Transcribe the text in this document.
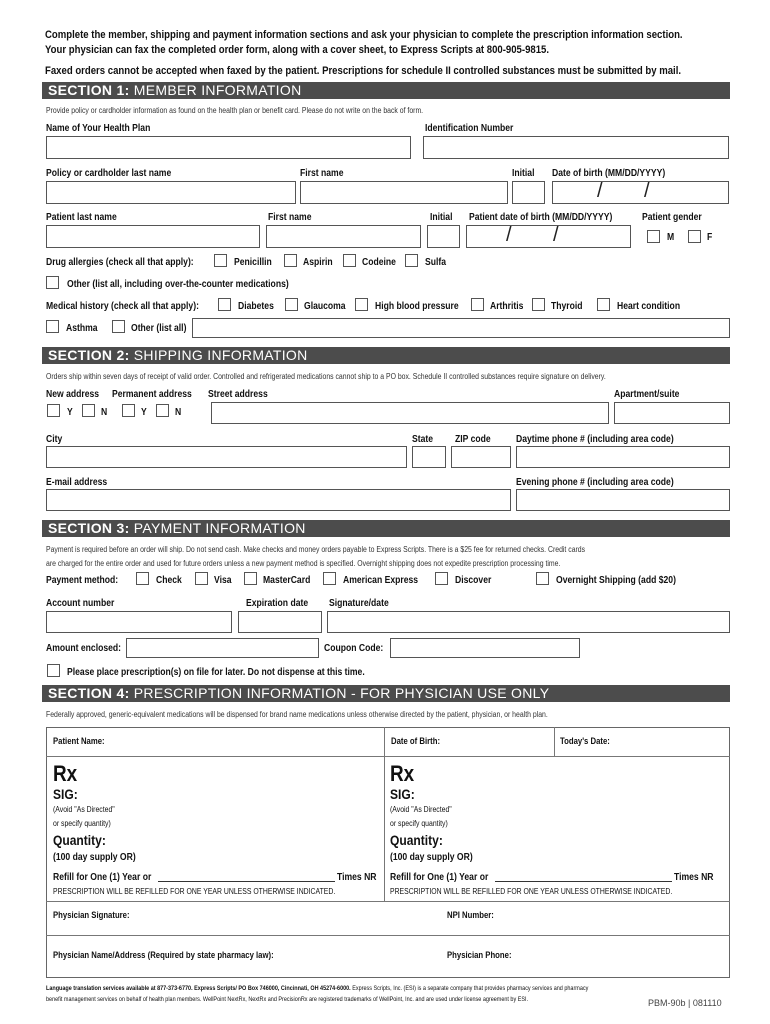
Complete the member, shipping and payment information sections and ask your physician to complete the prescription information section.
Your physician can fax the completed order form, along with a cover sheet, to Express Scripts at 800-905-9815.
Faxed orders cannot be accepted when faxed by the patient. Prescriptions for schedule II controlled substances must be submitted by mail.
SECTION 1: MEMBER INFORMATION
Provide policy or cardholder information as found on the health plan or benefit card. Please do not write on the back of form.
Name of Your Health Plan	Identification Number
Policy or cardholder last name	First name	Initial Date of birth (MM/DD/YYYY)
/ /
Patient last name	First name	Initial Patient date of birth (MM/DD/YYYY)	Patient gender
/ /	M	F
Drug allergies (check all that apply):	Penicillin	Aspirin	Codeine	Sulfa
Other (list all, including over-the-counter medications)
Medical history (check all that apply):	Diabetes	Glaucoma	High blood pressure	Arthritis	Thyroid	Heart condition
Asthma	Other (list all)
SECTION 2: SHIPPING INFORMATION
Orders ship within seven days of receipt of valid order. Controlled and refrigerated medications cannot ship to a PO box. Schedule II controlled substances require signature on delivery.
New address Permanent address Street address	Apartment/suite
Y	N	Y	N
City	State ZIP code	Daytime phone # (including area code)
E-mail address	Evening phone # (including area code)
SECTION 3: PAYMENT INFORMATION
Payment is required before an order will ship. Do not send cash. Make checks and money orders payable to Express Scripts. There is a $25 fee for returned checks. Credit cards
are charged for the entire order and used for future orders unless a new payment method is specified. Overnight shipping does not expedite prescription processing time.
Payment method:	Check	Visa	MasterCard	American Express	Discover	Overnight Shipping (add $20)
Account number	Expiration date Signature/date
Amount enclosed:	Coupon Code:
Please place prescription(s) on file for later. Do not dispense at this time.
SECTION 4: PRESCRIPTION INFORMATION - FOR PHYSICIAN USE ONLY
Federally approved, generic-equivalent medications will be dispensed for brand name medications unless otherwise directed by the patient, physician, or health plan.
Patient Name:	Date of Birth:	Today's Date:
Rx
SIG:
(Avoid "As Directed"
or specify quantity)
Quantity:
(100 day supply OR)
Refill for One (1) Year or	Times NR
PRESCRIPTION WILL BE REFILLED FOR ONE YEAR UNLESS OTHERWISE INDICATED.
Rx
SIG:
(Avoid "As Directed"
or specify quantity)
Quantity:
(100 day supply OR)
Refill for One (1) Year or	Times NR
PRESCRIPTION WILL BE REFILLED FOR ONE YEAR UNLESS OTHERWISE INDICATED.
Physician Signature:	NPI Number:
Physician Name/Address (Required by state pharmacy law):	Physician Phone:
Language translation services available at 877-373-6770. Express Scripts/ PO Box 746000, Cincinnati, OH 45274-6000. Express Scripts, Inc. (ESI) is a separate company that provides pharmacy services and pharmacy
benefit management services on behalf of health plan members. WellPoint NextRx, NextRx and PrecisionRx are registered trademarks of WellPoint, Inc. and are used under license agreement by ESI.	PBM-90b | 081110
